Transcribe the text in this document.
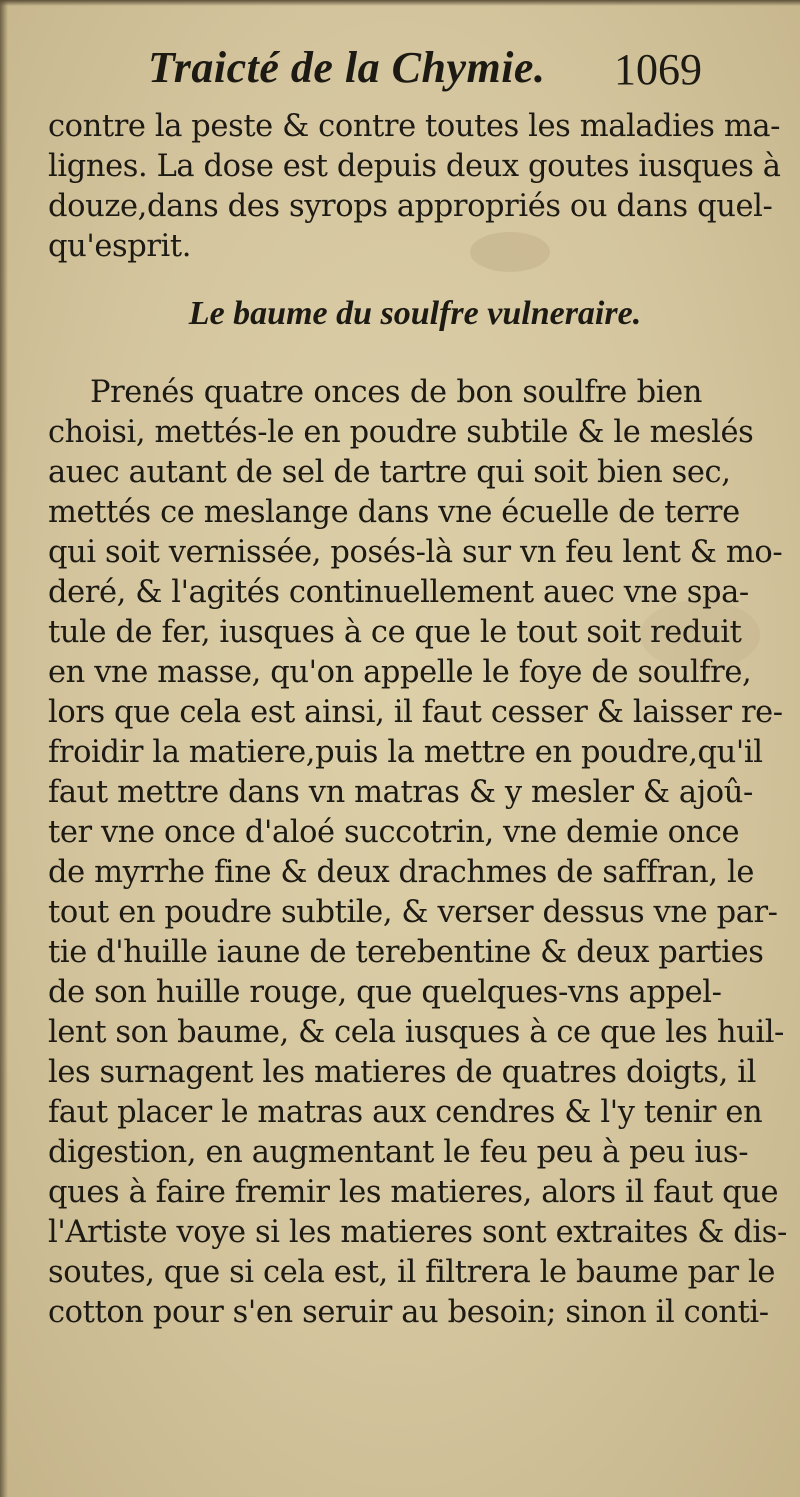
Traicté de la Chymie. 1069
contre la peste & contre toutes les maladies ma-
lignes. La dose est depuis deux goutes iusques à
douze,dans des syrops appropriés ou dans quel-
qu'esprit.
Le baume du soulfre vulneraire.
Prenés quatre onces de bon soulfre bien
choisi, mettés-le en poudre subtile & le meslés
auec autant de sel de tartre qui soit bien sec,
mettés ce meslange dans vne écuelle de terre
qui soit vernissée, posés-là sur vn feu lent & mo-
deré, & l'agités continuellement auec vne spa-
tule de fer, iusques à ce que le tout soit reduit
en vne masse, qu'on appelle le foye de soulfre,
lors que cela est ainsi, il faut cesser & laisser re-
froidir la matiere,puis la mettre en poudre,qu'il
faut mettre dans vn matras & y mesler & ajoû-
ter vne once d'aloé succotrin, vne demie once
de myrrhe fine & deux drachmes de saffran, le
tout en poudre subtile, & verser dessus vne par-
tie d'huille iaune de terebentine & deux parties
de son huille rouge, que quelques-vns appel-
lent son baume, & cela iusques à ce que les huil-
les surnagent les matieres de quatres doigts, il
faut placer le matras aux cendres & l'y tenir en
digestion, en augmentant le feu peu à peu ius-
ques à faire fremir les matieres, alors il faut que
l'Artiste voye si les matieres sont extraites & dis-
soutes, que si cela est, il filtrera le baume par le
cotton pour s'en seruir au besoin; sinon il conti-
